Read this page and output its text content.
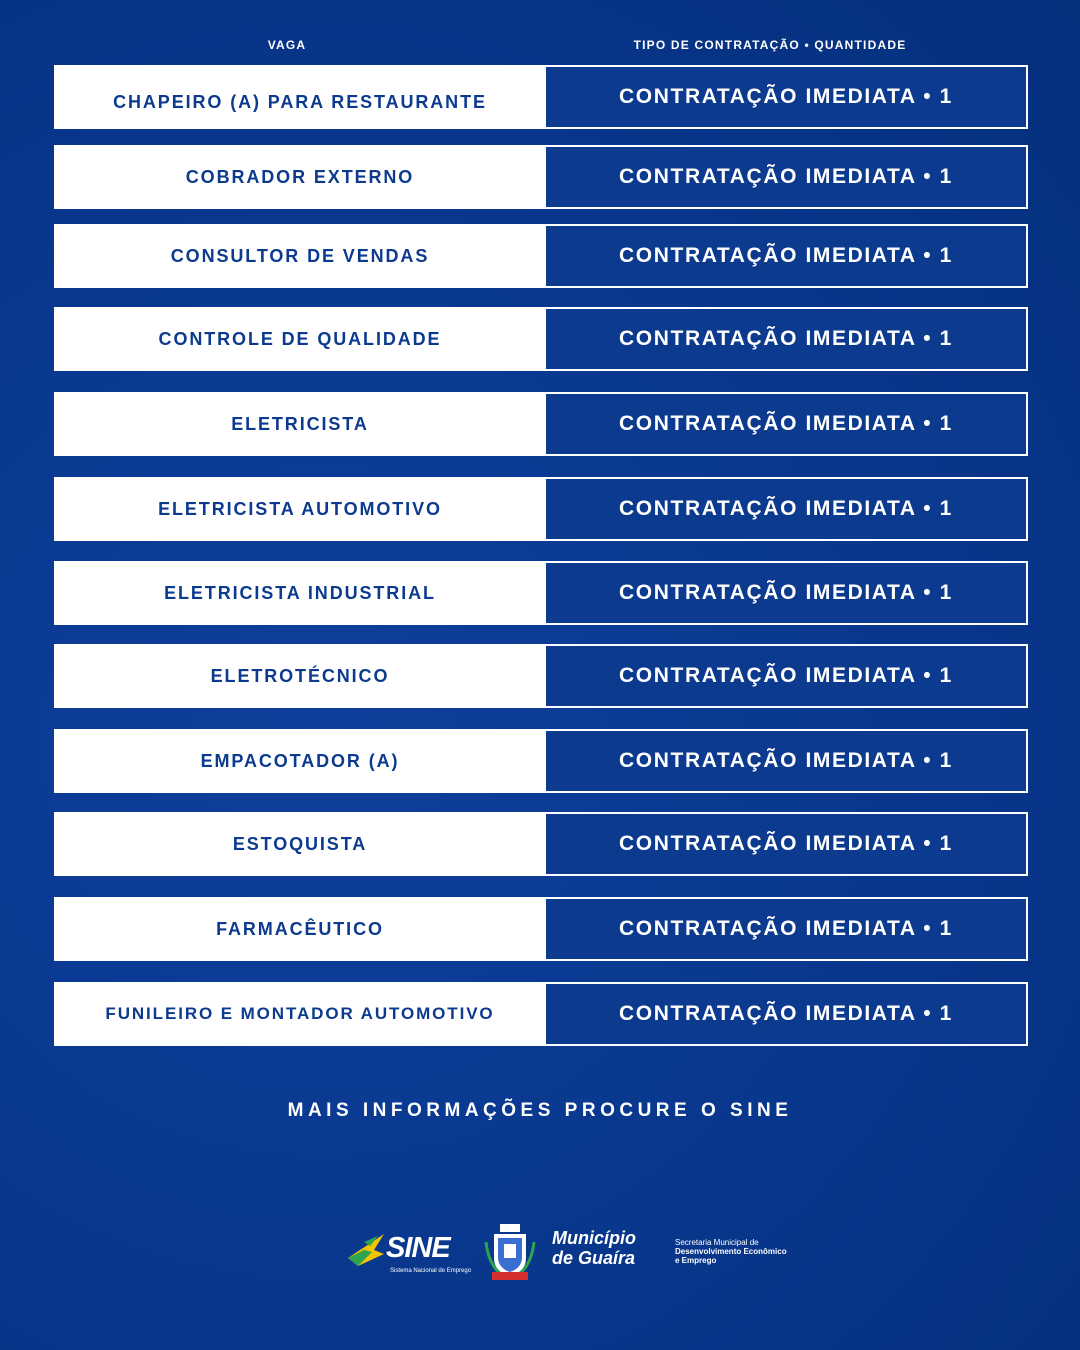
VAGA	TIPO DE CONTRATAÇÃO • QUANTIDADE
CHAPEIRO (A) PARA RESTAURANTE	CONTRATAÇÃO IMEDIATA • 1
COBRADOR EXTERNO	CONTRATAÇÃO IMEDIATA • 1
CONSULTOR DE VENDAS	CONTRATAÇÃO IMEDIATA • 1
CONTROLE DE QUALIDADE	CONTRATAÇÃO IMEDIATA • 1
ELETRICISTA	CONTRATAÇÃO IMEDIATA • 1
ELETRICISTA AUTOMOTIVO	CONTRATAÇÃO IMEDIATA • 1
ELETRICISTA INDUSTRIAL	CONTRATAÇÃO IMEDIATA • 1
ELETROTÉCNICO	CONTRATAÇÃO IMEDIATA • 1
EMPACOTADOR (A)	CONTRATAÇÃO IMEDIATA • 1
ESTOQUISTA	CONTRATAÇÃO IMEDIATA • 1
FARMACÊUTICO	CONTRATAÇÃO IMEDIATA • 1
FUNILEIRO E MONTADOR AUTOMOTIVO	CONTRATAÇÃO IMEDIATA • 1
MAIS INFORMAÇÕES PROCURE O SINE
SINE
Sistema Nacional de Emprego
Município
de Guaíra
Secretaria Municipal de
Desenvolvimento Econômico
e Emprego
